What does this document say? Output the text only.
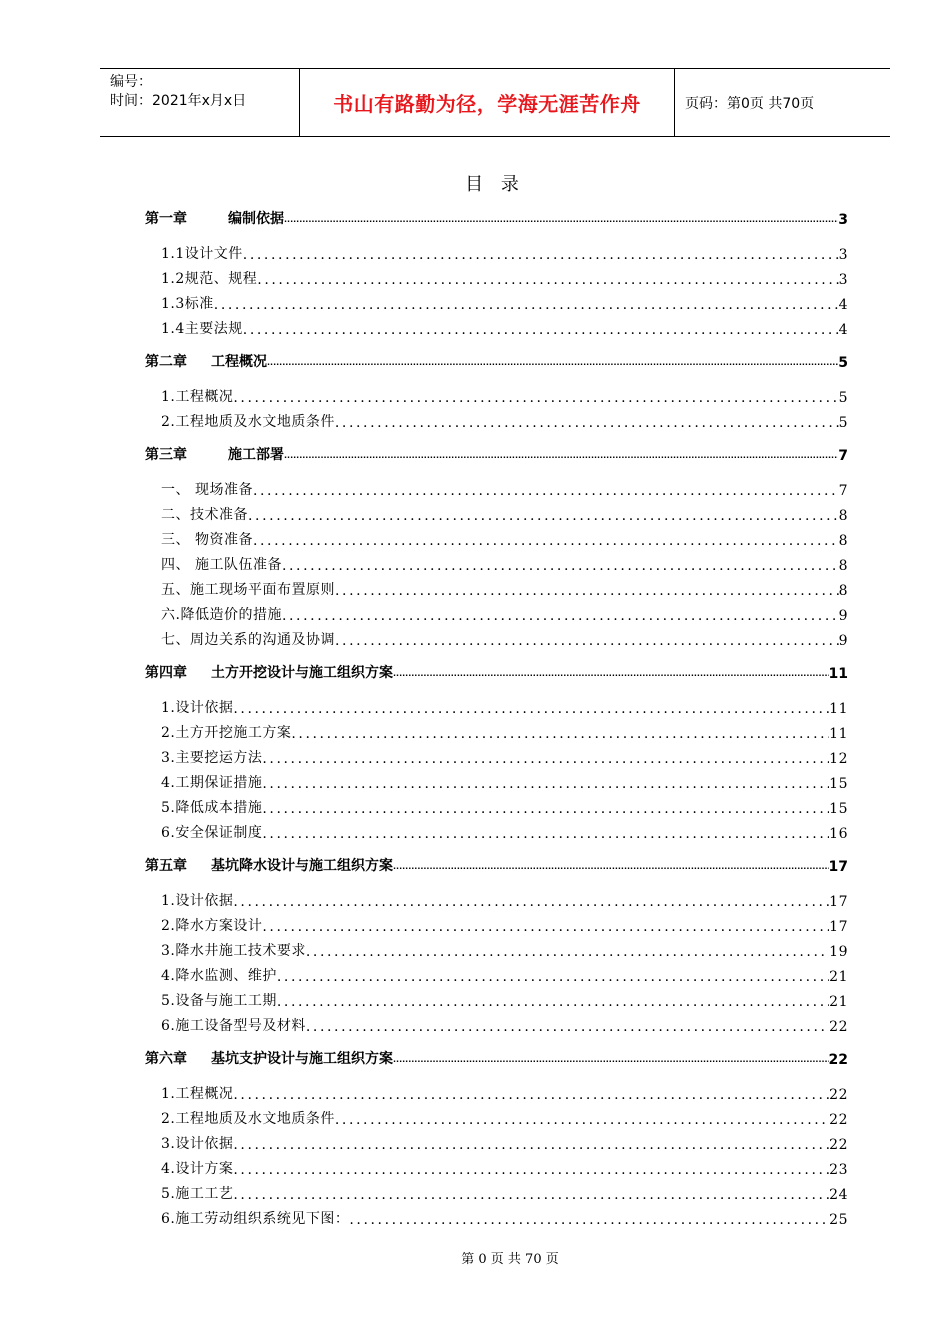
编号：
时间：2021年x月x日	书山有路勤为径，学海无涯苦作舟	页码：第0页 共70页
目 录
第一章	编制依据 .....	3
1.1设计文件 .....	3
1.2规范、规程 .....	3
1.3标准 .....	4
1.4主要法规 .....	4
第二章 工程概况 .....	5
1.工程概况 .....	5
2.工程地质及水文地质条件 .....	5
第三章	施工部署 .....	7
一、 现场准备 .....	7
二、技术准备 .....	8
三、 物资准备 .....	8
四、 施工队伍准备 .....	8
五、施工现场平面布置原则 .....	8
六.降低造价的措施 .....	9
七、周边关系的沟通及协调 .....	9
第四章 土方开挖设计与施工组织方案 .....	11
1.设计依据 .....	11
2.土方开挖施工方案 .....	11
3.主要挖运方法 .....	12
4.工期保证措施 .....	15
5.降低成本措施 .....	15
6.安全保证制度 .....	16
第五章 基坑降水设计与施工组织方案 .....	17
1.设计依据 .....	17
2.降水方案设计 .....	17
3.降水井施工技术要求 .....	19
4.降水监测、维护 .....	21
5.设备与施工工期 .....	21
6.施工设备型号及材料 .....	22
第六章 基坑支护设计与施工组织方案 .....	22
1.工程概况 .....	22
2.工程地质及水文地质条件 .....	22
3.设计依据 .....	22
4.设计方案 .....	23
5.施工工艺 .....	24
6.施工劳动组织系统见下图： .....	25
第 0 页 共 70 页
